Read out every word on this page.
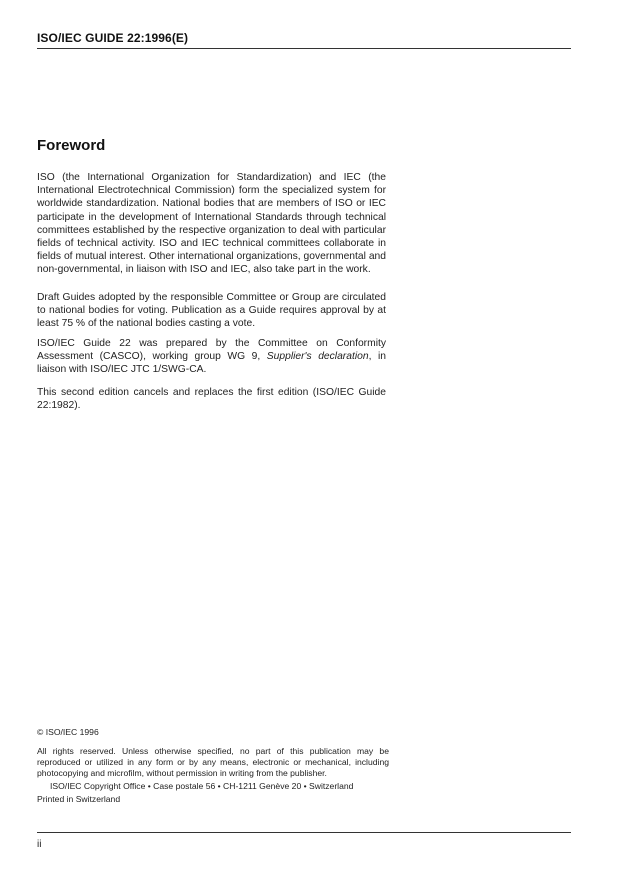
ISO/IEC GUIDE 22:1996(E)
Foreword

ISO (the International Organization for Standardization) and IEC (the International Electrotechnical Commission) form the specialized system for worldwide standardization. National bodies that are members of ISO or IEC participate in the development of International Standards through technical committees established by the respective organization to deal with particular fields of technical activity. ISO and IEC technical committees collaborate in fields of mutual interest. Other international organizations, governmental and non-governmental, in liaison with ISO and IEC, also take part in the work.

Draft Guides adopted by the responsible Committee or Group are circulated to national bodies for voting. Publication as a Guide requires approval by at least 75 % of the national bodies casting a vote.

ISO/IEC Guide 22 was prepared by the Committee on Conformity Assessment (CASCO), working group WG 9, Supplier's declaration, in liaison with ISO/IEC JTC 1/SWG-CA.

This second edition cancels and replaces the first edition (ISO/IEC Guide 22:1982).

© ISO/IEC 1996
All rights reserved. Unless otherwise specified, no part of this publication may be reproduced or utilized in any form or by any means, electronic or mechanical, including photocopying and microfilm, without permission in writing from the publisher.
ISO/IEC Copyright Office • Case postale 56 • CH-1211 Genève 20 • Switzerland
Printed in Switzerland
ii
